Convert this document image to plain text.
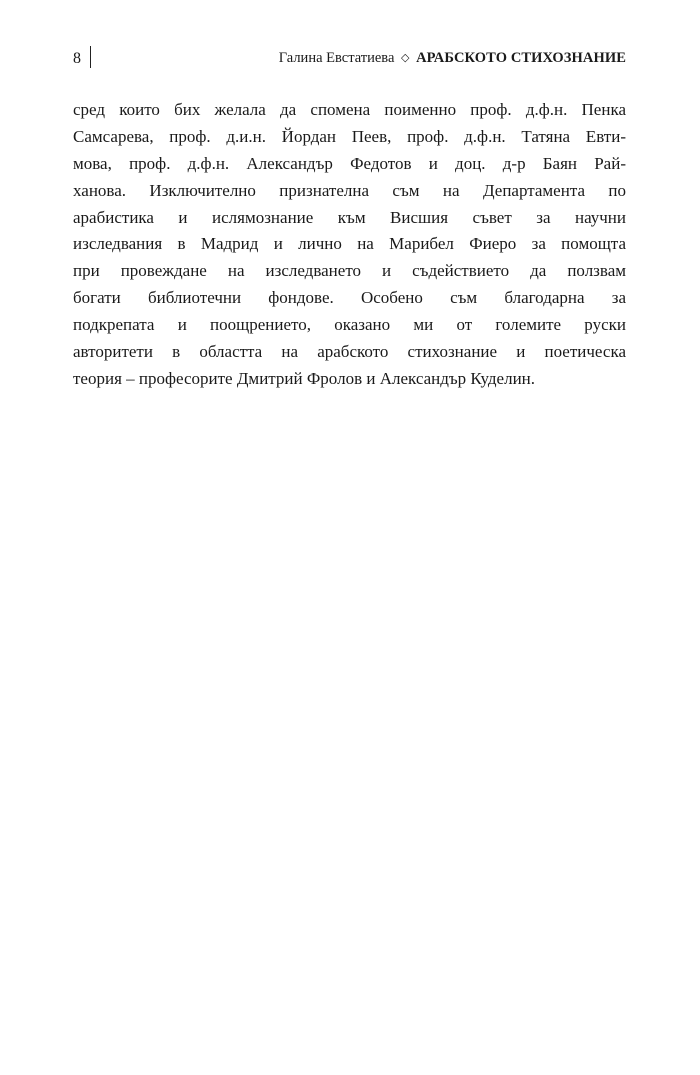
8	Галина Евстатиева ◇ АРАБСКОТО СТИХОЗНАНИЕ
сред които бих желала да спомена поименно проф. д.ф.н. Пенка
Самсарева, проф. д.и.н. Йордан Пеев, проф. д.ф.н. Татяна Евти-
мова, проф. д.ф.н. Александър Федотов и доц. д-р Баян Рай-
ханова. Изключително признателна съм на Департамента по
арабистика и ислямознание към Висшия съвет за научни
изследвания в Мадрид и лично на Марибел Фиеро за помощта
при провеждане на изследването и съдействието да ползвам
богати библиотечни фондове. Особено съм благодарна за
подкрепата и поощрението, оказано ми от големите руски
авторитети в областта на арабското стихознание и поетическа
теория – професорите Дмитрий Фролов и Александър Куделин.
